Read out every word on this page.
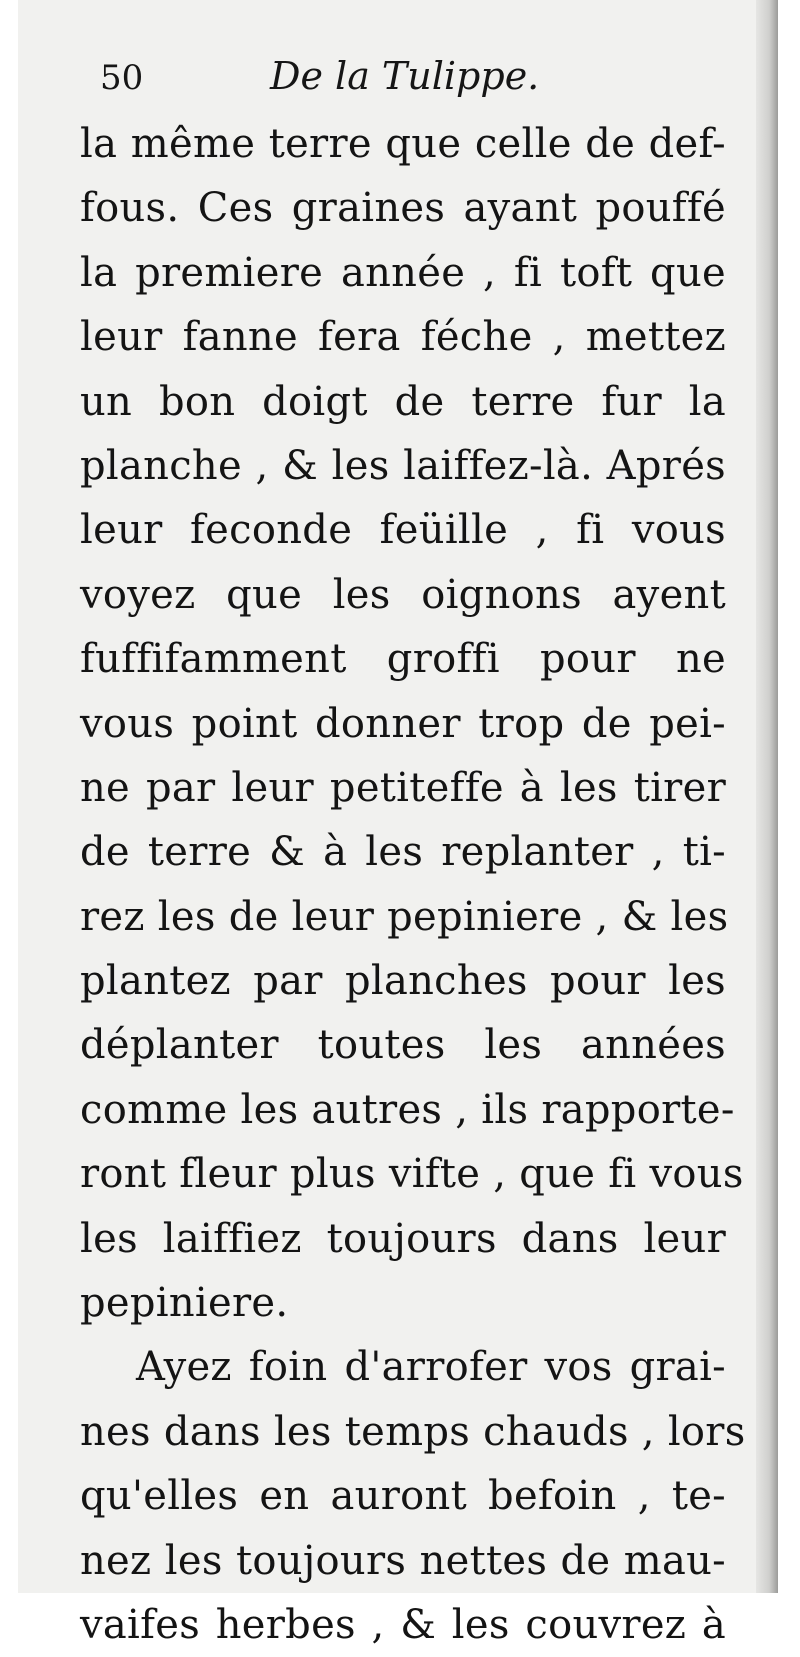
50	De la Tulippe.
la même terre que celle de def-
fous. Ces graines ayant pouffé
la premiere année , fi toft que
leur fanne fera féche , mettez
un bon doigt de terre fur la
planche , & les laiffez-là. Aprés
leur feconde feüille , fi vous
voyez que les oignons ayent
fuffifamment groffi pour ne
vous point donner trop de pei-
ne par leur petiteffe à les tirer
de terre & à les replanter , ti-
rez les de leur pepiniere , & les
plantez par planches pour les
déplanter toutes les années
comme les autres , ils rapporte-
ront fleur plus vifte , que fi vous
les laiffiez toujours dans leur
pepiniere.
Ayez foin d'arrofer vos grai-
nes dans les temps chauds , lors
qu'elles en auront befoin , te-
nez les toujours nettes de mau-
vaifes herbes , & les couvrez à
